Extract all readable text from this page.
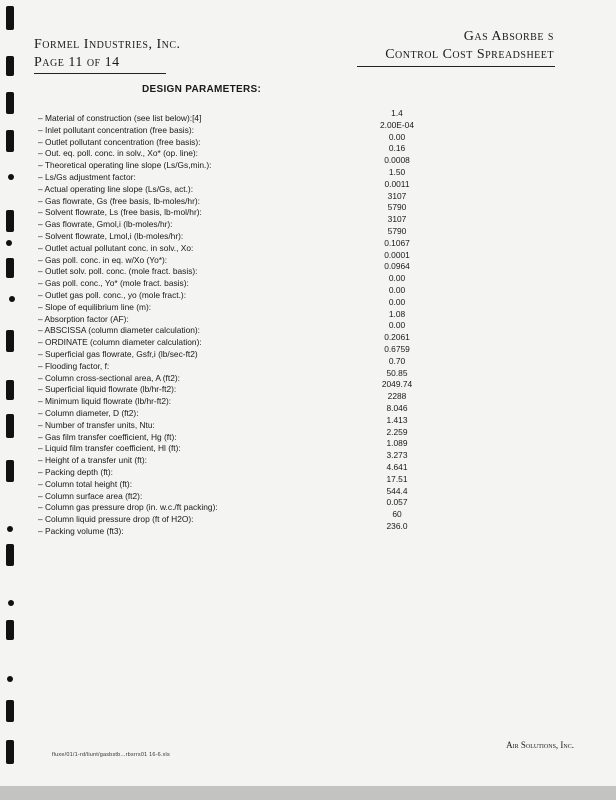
Formel Industries, Inc.
Page 11 of 14
Gas Absorbe s
Control Cost Spreadsheet
DESIGN PARAMETERS:
– Material of construction (see list below):[4]
– Inlet pollutant concentration (free basis):
– Outlet pollutant concentration (free basis):
– Out. eq. poll. conc. in solv., Xo* (op. line):
– Theoretical operating line slope (Ls/Gs,min.):
– Ls/Gs adjustment factor:
– Actual operating line slope (Ls/Gs, act.):
– Gas flowrate, Gs (free basis, lb-moles/hr):
– Solvent flowrate, Ls (free basis, lb-mol/hr):
– Gas flowrate, Gmol,i (lb-moles/hr):
– Solvent flowrate, Lmol,i (lb-moles/hr):
– Outlet actual pollutant conc. in solv., Xo:
– Gas poll. conc. in eq. w/Xo (Yo*):
– Outlet solv. poll. conc. (mole fract. basis):
– Gas poll. conc., Yo* (mole fract. basis):
– Outlet gas poll. conc., yo (mole fract.):
– Slope of equilibrium line (m):
– Absorption factor (AF):
– ABSCISSA (column diameter calculation):
– ORDINATE (column diameter calculation):
– Superficial gas flowrate, Gsfr,i (lb/sec-ft2)
– Flooding factor, f:
– Column cross-sectional area, A (ft2):
– Superficial liquid flowrate (lb/hr-ft2):
– Minimum liquid flowrate (lb/hr-ft2):
– Column diameter, D (ft2):
– Number of transfer units, Ntu:
– Gas film transfer coefficient, Hg (ft):
– Liquid film transfer coefficient, Hl (ft):
– Height of a transfer unit (ft):
– Packing depth (ft):
– Column total height (ft):
– Column surface area (ft2):
– Column gas pressure drop (in. w.c./ft packing):
– Column liquid pressure drop (ft of H2O):
– Packing volume (ft3):
1.4
2.00E-04
0.00
0.16
0.0008
1.50
0.0011
3107
5790
3107
5790
0.1067
0.0001
0.0964
0.00
0.00
0.00
1.08
0.00
0.2061
0.6759
0.70
50.85
2049.74
2288
8.046
1.413
2.259
1.089
3.273
4.641
17.51
544.4
0.057
60
236.0
fluxe/01/1-rd/liunt/gasbstb...rbsrrs01 16-6.xls
Air Solutions, Inc.
